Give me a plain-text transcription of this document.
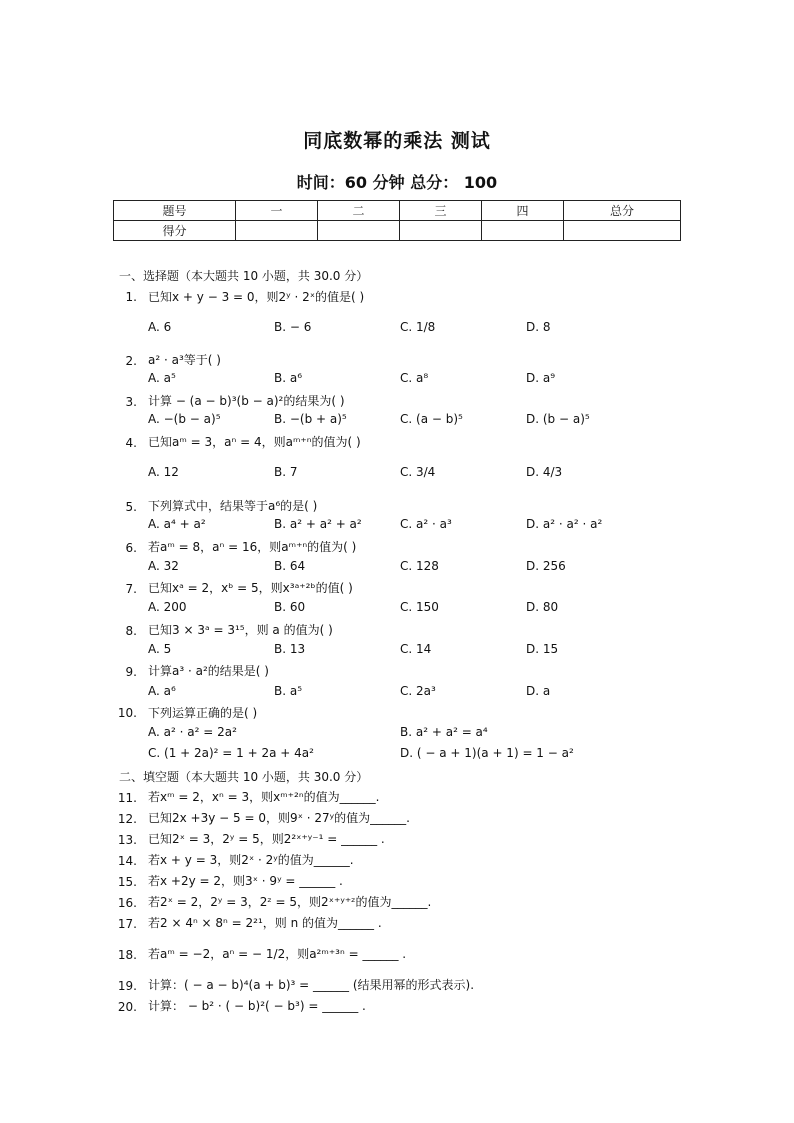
同底数幂的乘法 测试
时间：60 分钟 总分： 100
题号	一	二	三	四	总分
得分					
一、选择题（本大题共 10 小题，共 30.0 分）
1. 已知x + y − 3 = 0，则2ʸ · 2ˣ的值是( )
A. 6	B. − 6	C. 1/8	D. 8
2. a² · a³等于( )
A. a⁵	B. a⁶	C. a⁸	D. a⁹
3. 计算 − (a − b)³(b − a)²的结果为( )
A. −(b − a)⁵	B. −(b + a)⁵	C. (a − b)⁵	D. (b − a)⁵
4. 已知aᵐ = 3，aⁿ = 4，则aᵐ⁺ⁿ的值为( )
A. 12	B. 7	C. 3/4	D. 4/3
5. 下列算式中，结果等于a⁶的是( )
A. a⁴ + a²	B. a² + a² + a²	C. a² · a³	D. a² · a² · a²
6. 若aᵐ = 8，aⁿ = 16，则aᵐ⁺ⁿ的值为( )
A. 32	B. 64	C. 128	D. 256
7. 已知xᵃ = 2，xᵇ = 5，则x³ᵃ⁺²ᵇ的值( )
A. 200	B. 60	C. 150	D. 80
8. 已知3 × 3ᵃ = 3¹⁵，则 a 的值为( )
A. 5	B. 13	C. 14	D. 15
9. 计算a³ · a²的结果是( )
A. a⁶	B. a⁵	C. 2a³	D. a
10. 下列运算正确的是( )
A. a² · a² = 2a²	B. a² + a² = a⁴
C. (1 + 2a)² = 1 + 2a + 4a²	D. ( − a + 1)(a + 1) = 1 − a²
二、填空题（本大题共 10 小题，共 30.0 分）
11. 若xᵐ = 2，xⁿ = 3，则xᵐ⁺²ⁿ的值为______.
12. 已知2x +3y − 5 = 0，则9ˣ · 27ʸ的值为______.
13. 已知2ˣ = 3，2ʸ = 5，则2²ˣ⁺ʸ⁻¹ = ______ .
14. 若x + y = 3，则2ˣ · 2ʸ的值为______.
15. 若x +2y = 2，则3ˣ · 9ʸ = ______ .
16. 若2ˣ = 2，2ʸ = 3，2ᶻ = 5，则2ˣ⁺ʸ⁺ᶻ的值为______.
17. 若2 × 4ⁿ × 8ⁿ = 2²¹，则 n 的值为______ .
18. 若aᵐ = −2，aⁿ = − 1/2，则a²ᵐ⁺³ⁿ = ______ .
19. 计算：( − a − b)⁴(a + b)³ = ______ (结果用幂的形式表示).
20. 计算： − b² · ( − b)²( − b³) = ______ .
